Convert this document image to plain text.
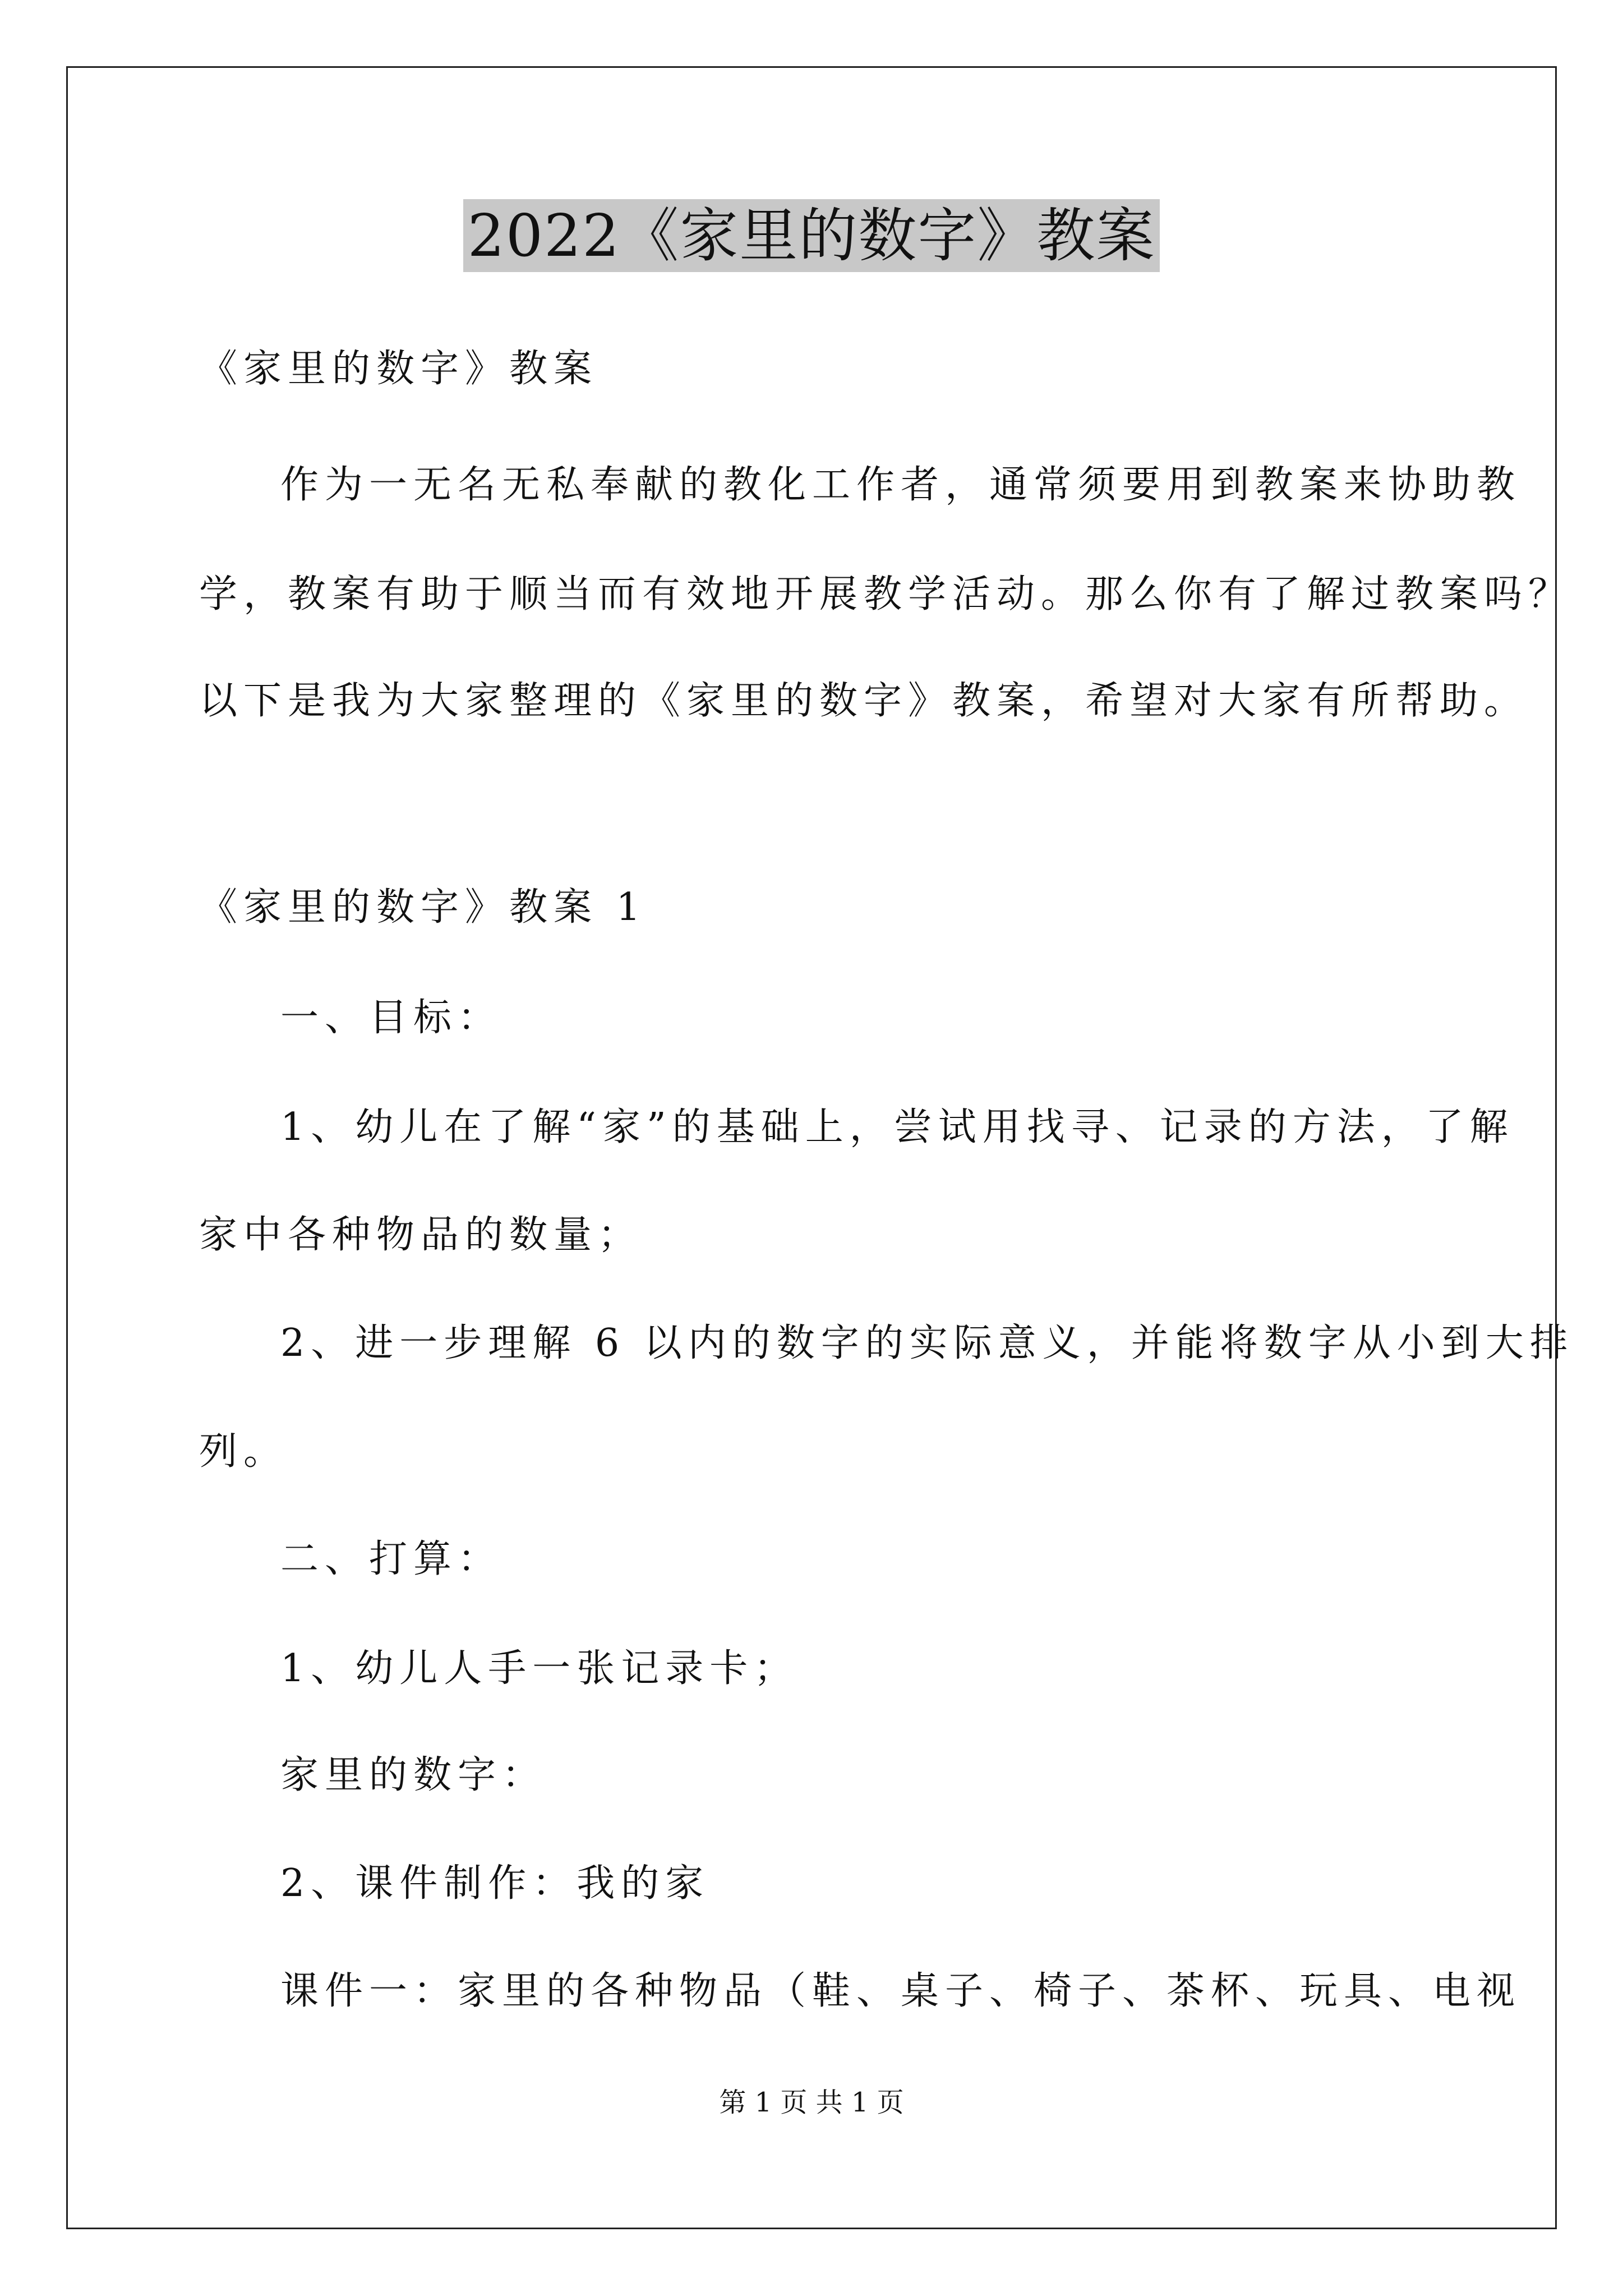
2022《家里的数字》教案
《家里的数字》教案
作为一无名无私奉献的教化工作者，通常须要用到教案来协助教
学，教案有助于顺当而有效地开展教学活动。那么你有了解过教案吗？
以下是我为大家整理的《家里的数字》教案，希望对大家有所帮助。
《家里的数字》教案 1
一、目标：
1、幼儿在了解“家”的基础上，尝试用找寻、记录的方法，了解
家中各种物品的数量；
2、进一步理解 6 以内的数字的实际意义，并能将数字从小到大排
列。
二、打算：
1、幼儿人手一张记录卡；
家里的数字：
2、课件制作：我的家
课件一：家里的各种物品（鞋、桌子、椅子、茶杯、玩具、电视
第 1 页 共 1 页
